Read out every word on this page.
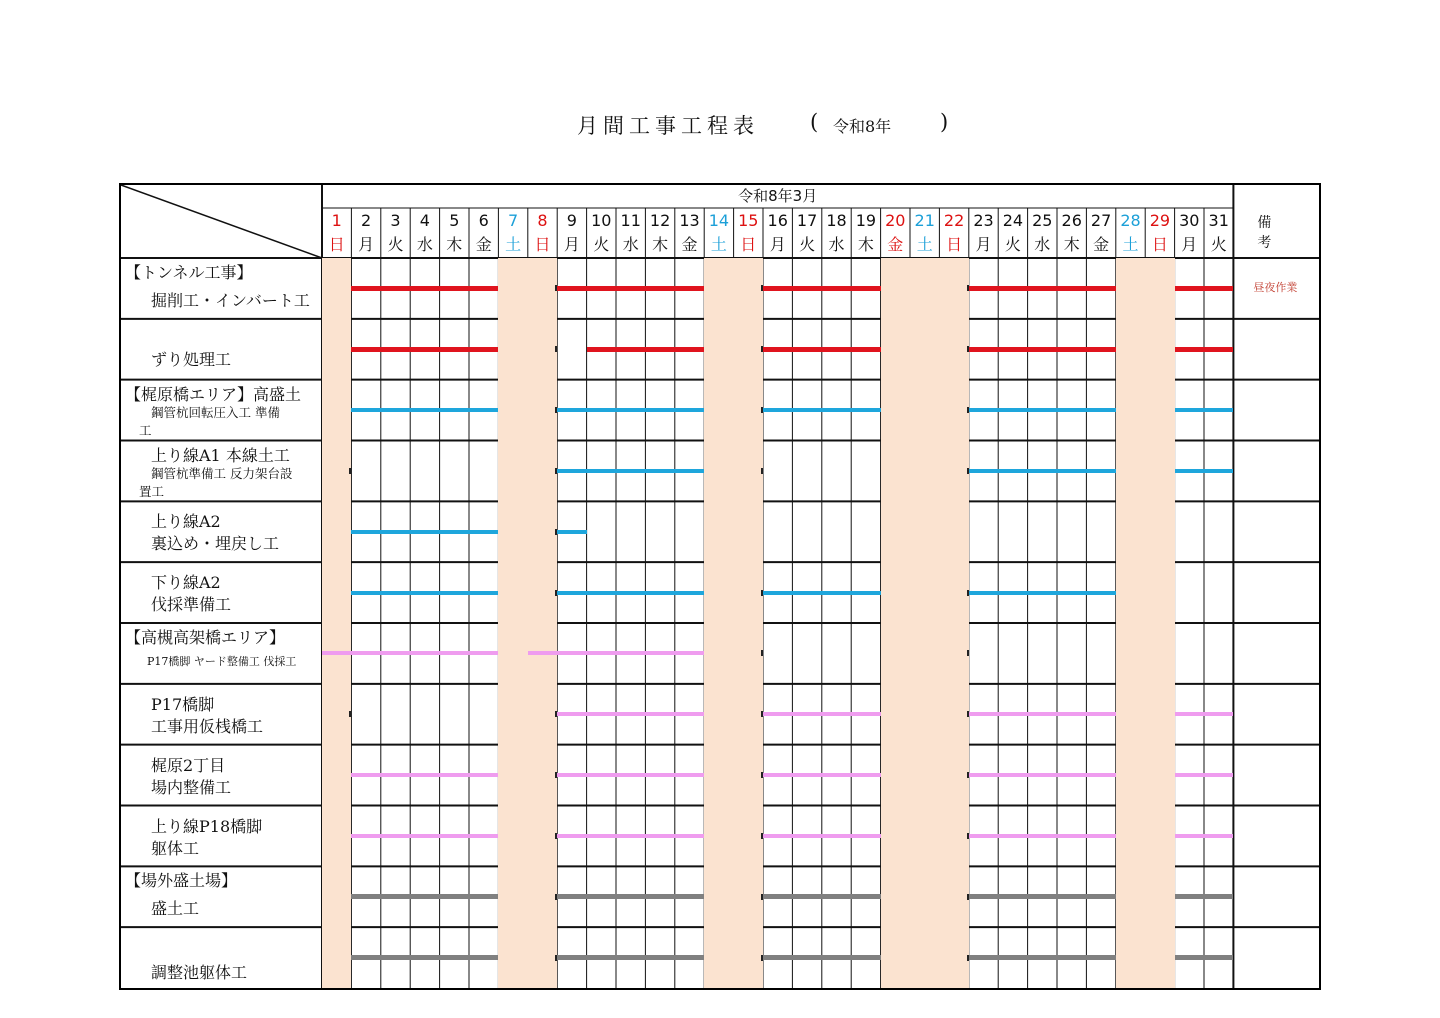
月間工事工程表 ( 令和8年 )
【トンネル工事】
掘削工・インバート工
昼夜作業
ずり処理工
【梶原橋エリア】高盛土
鋼管杭回転圧入工 準備
工
上り線A1 本線土工
鋼管杭準備工 反力架台設
置工
上り線A2
裏込め・埋戻し工
下り線A2
伐採準備工
【高槻高架橋エリア】
P17橋脚 ヤード整備工 伐採工
P17橋脚
工事用仮桟橋工
梶原2丁目
場内整備工
上り線P18橋脚
躯体工
【場外盛土場】
盛土工
調整池躯体工
令和8年3月
備 考
1
日
2
月
3
火
4
水
5
木
6
金
7
土
8
日
9
月
10
火
11
水
12
木
13
金
14
土
15
日
16
月
17
火
18
水
19
木
20
金
21
土
22
日
23
月
24
火
25
水
26
木
27
金
28
土
29
日
30
月
31
火
